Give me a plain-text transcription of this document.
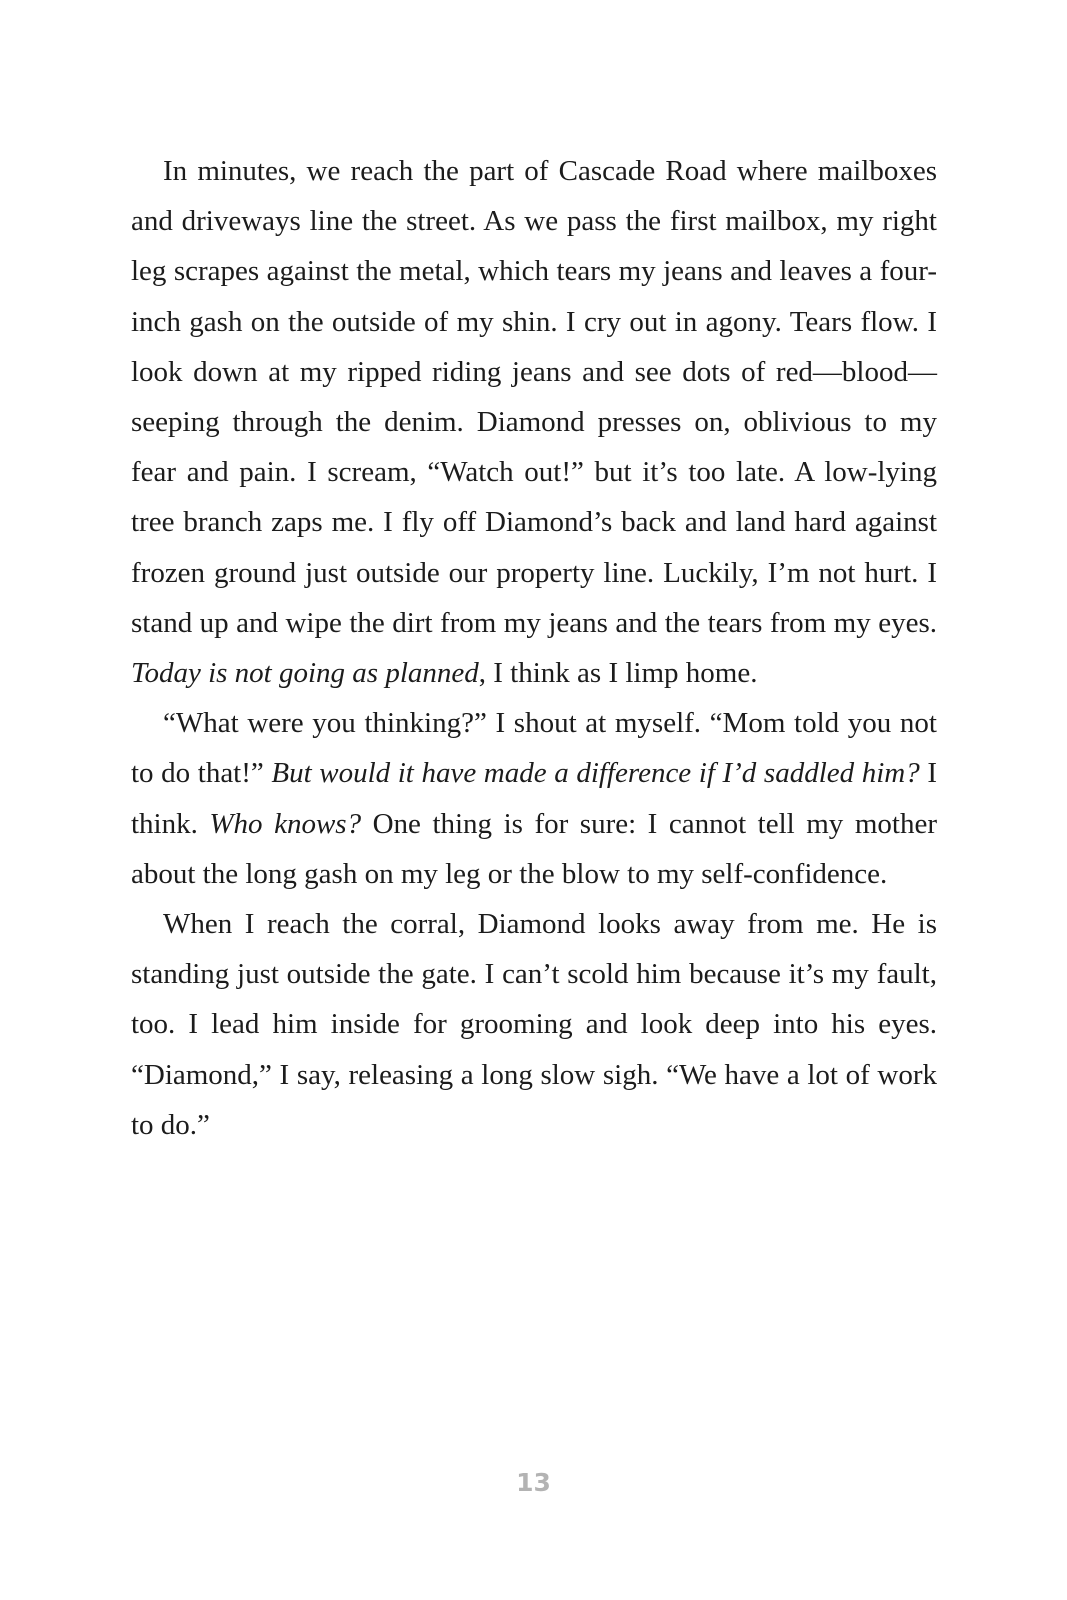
In minutes, we reach the part of Cascade Road where mailboxes and driveways line the street. As we pass the first mailbox, my right leg scrapes against the metal, which tears my jeans and leaves a four-inch gash on the outside of my shin. I cry out in agony. Tears flow. I look down at my ripped riding jeans and see dots of red—blood—seeping through the denim. Diamond presses on, oblivious to my fear and pain. I scream, “Watch out!” but it’s too late. A low-lying tree branch zaps me. I fly off Diamond’s back and land hard against frozen ground just outside our property line. Luckily, I’m not hurt. I stand up and wipe the dirt from my jeans and the tears from my eyes. Today is not going as planned, I think as I limp home.

“What were you thinking?” I shout at myself. “Mom told you not to do that!” But would it have made a difference if I’d saddled him? I think. Who knows? One thing is for sure: I cannot tell my mother about the long gash on my leg or the blow to my self-confidence.

When I reach the corral, Diamond looks away from me. He is standing just outside the gate. I can’t scold him because it’s my fault, too. I lead him inside for grooming and look deep into his eyes. “Diamond,” I say, releasing a long slow sigh. “We have a lot of work to do.”

13
